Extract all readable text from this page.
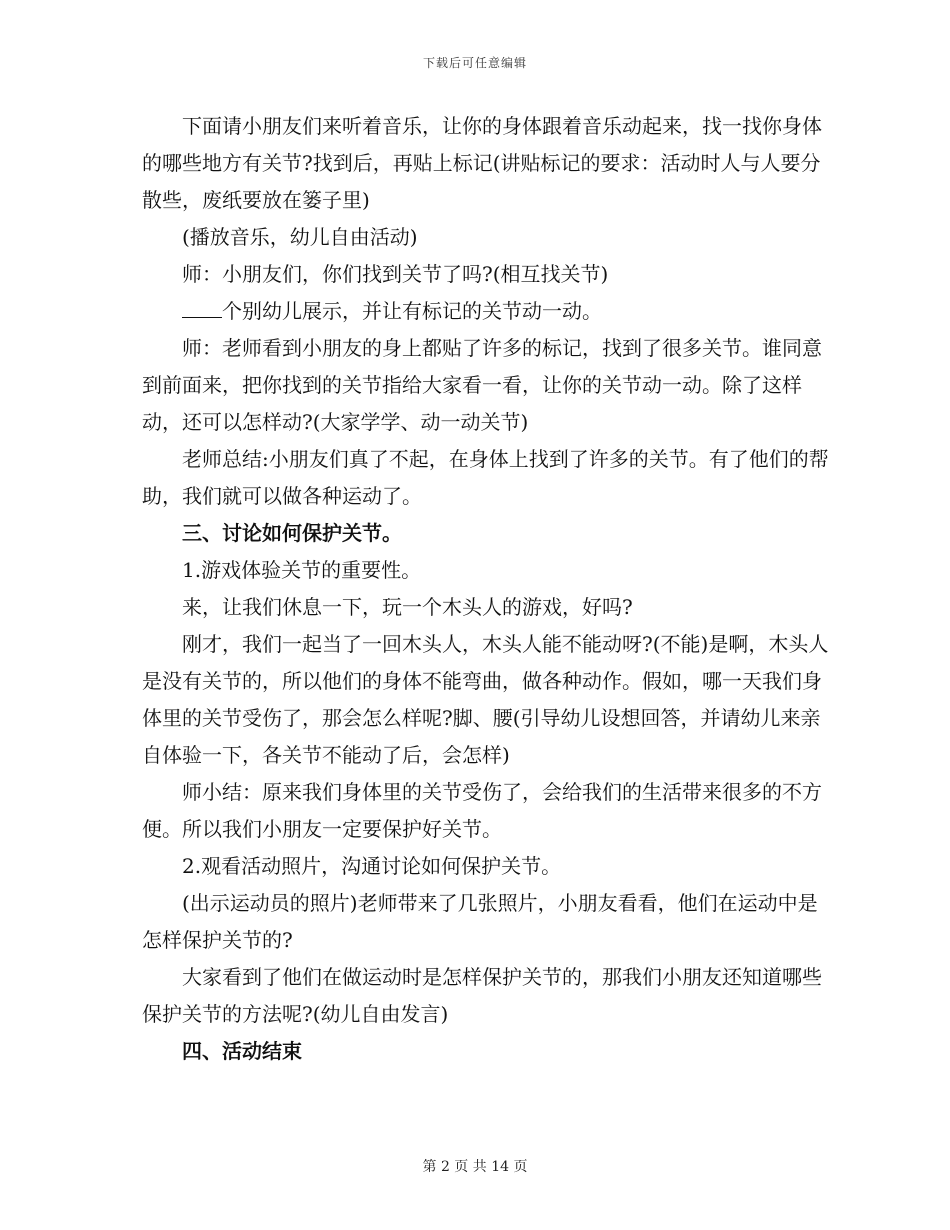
下载后可任意编辑

下面请小朋友们来听着音乐，让你的身体跟着音乐动起来，找一找你身体的哪些地方有关节?找到后，再贴上标记(讲贴标记的要求：活动时人与人要分散些，废纸要放在篓子里)

(播放音乐，幼儿自由活动)

师：小朋友们，你们找到关节了吗?(相互找关节)

个别幼儿展示，并让有标记的关节动一动。

师：老师看到小朋友的身上都贴了许多的标记，找到了很多关节。谁同意到前面来，把你找到的关节指给大家看一看，让你的关节动一动。除了这样动，还可以怎样动?(大家学学、动一动关节)

老师总结:小朋友们真了不起，在身体上找到了许多的关节。有了他们的帮助，我们就可以做各种运动了。

三、讨论如何保护关节。

1.游戏体验关节的重要性。

来，让我们休息一下，玩一个木头人的游戏，好吗?

刚才，我们一起当了一回木头人，木头人能不能动呀?(不能)是啊，木头人是没有关节的，所以他们的身体不能弯曲，做各种动作。假如，哪一天我们身体里的关节受伤了，那会怎么样呢?脚、腰(引导幼儿设想回答，并请幼儿来亲自体验一下，各关节不能动了后，会怎样)

师小结：原来我们身体里的关节受伤了，会给我们的生活带来很多的不方便。所以我们小朋友一定要保护好关节。

2.观看活动照片，沟通讨论如何保护关节。

(出示运动员的照片)老师带来了几张照片，小朋友看看，他们在运动中是怎样保护关节的?

大家看到了他们在做运动时是怎样保护关节的，那我们小朋友还知道哪些保护关节的方法呢?(幼儿自由发言)

四、活动结束

第 2 页 共 14 页
